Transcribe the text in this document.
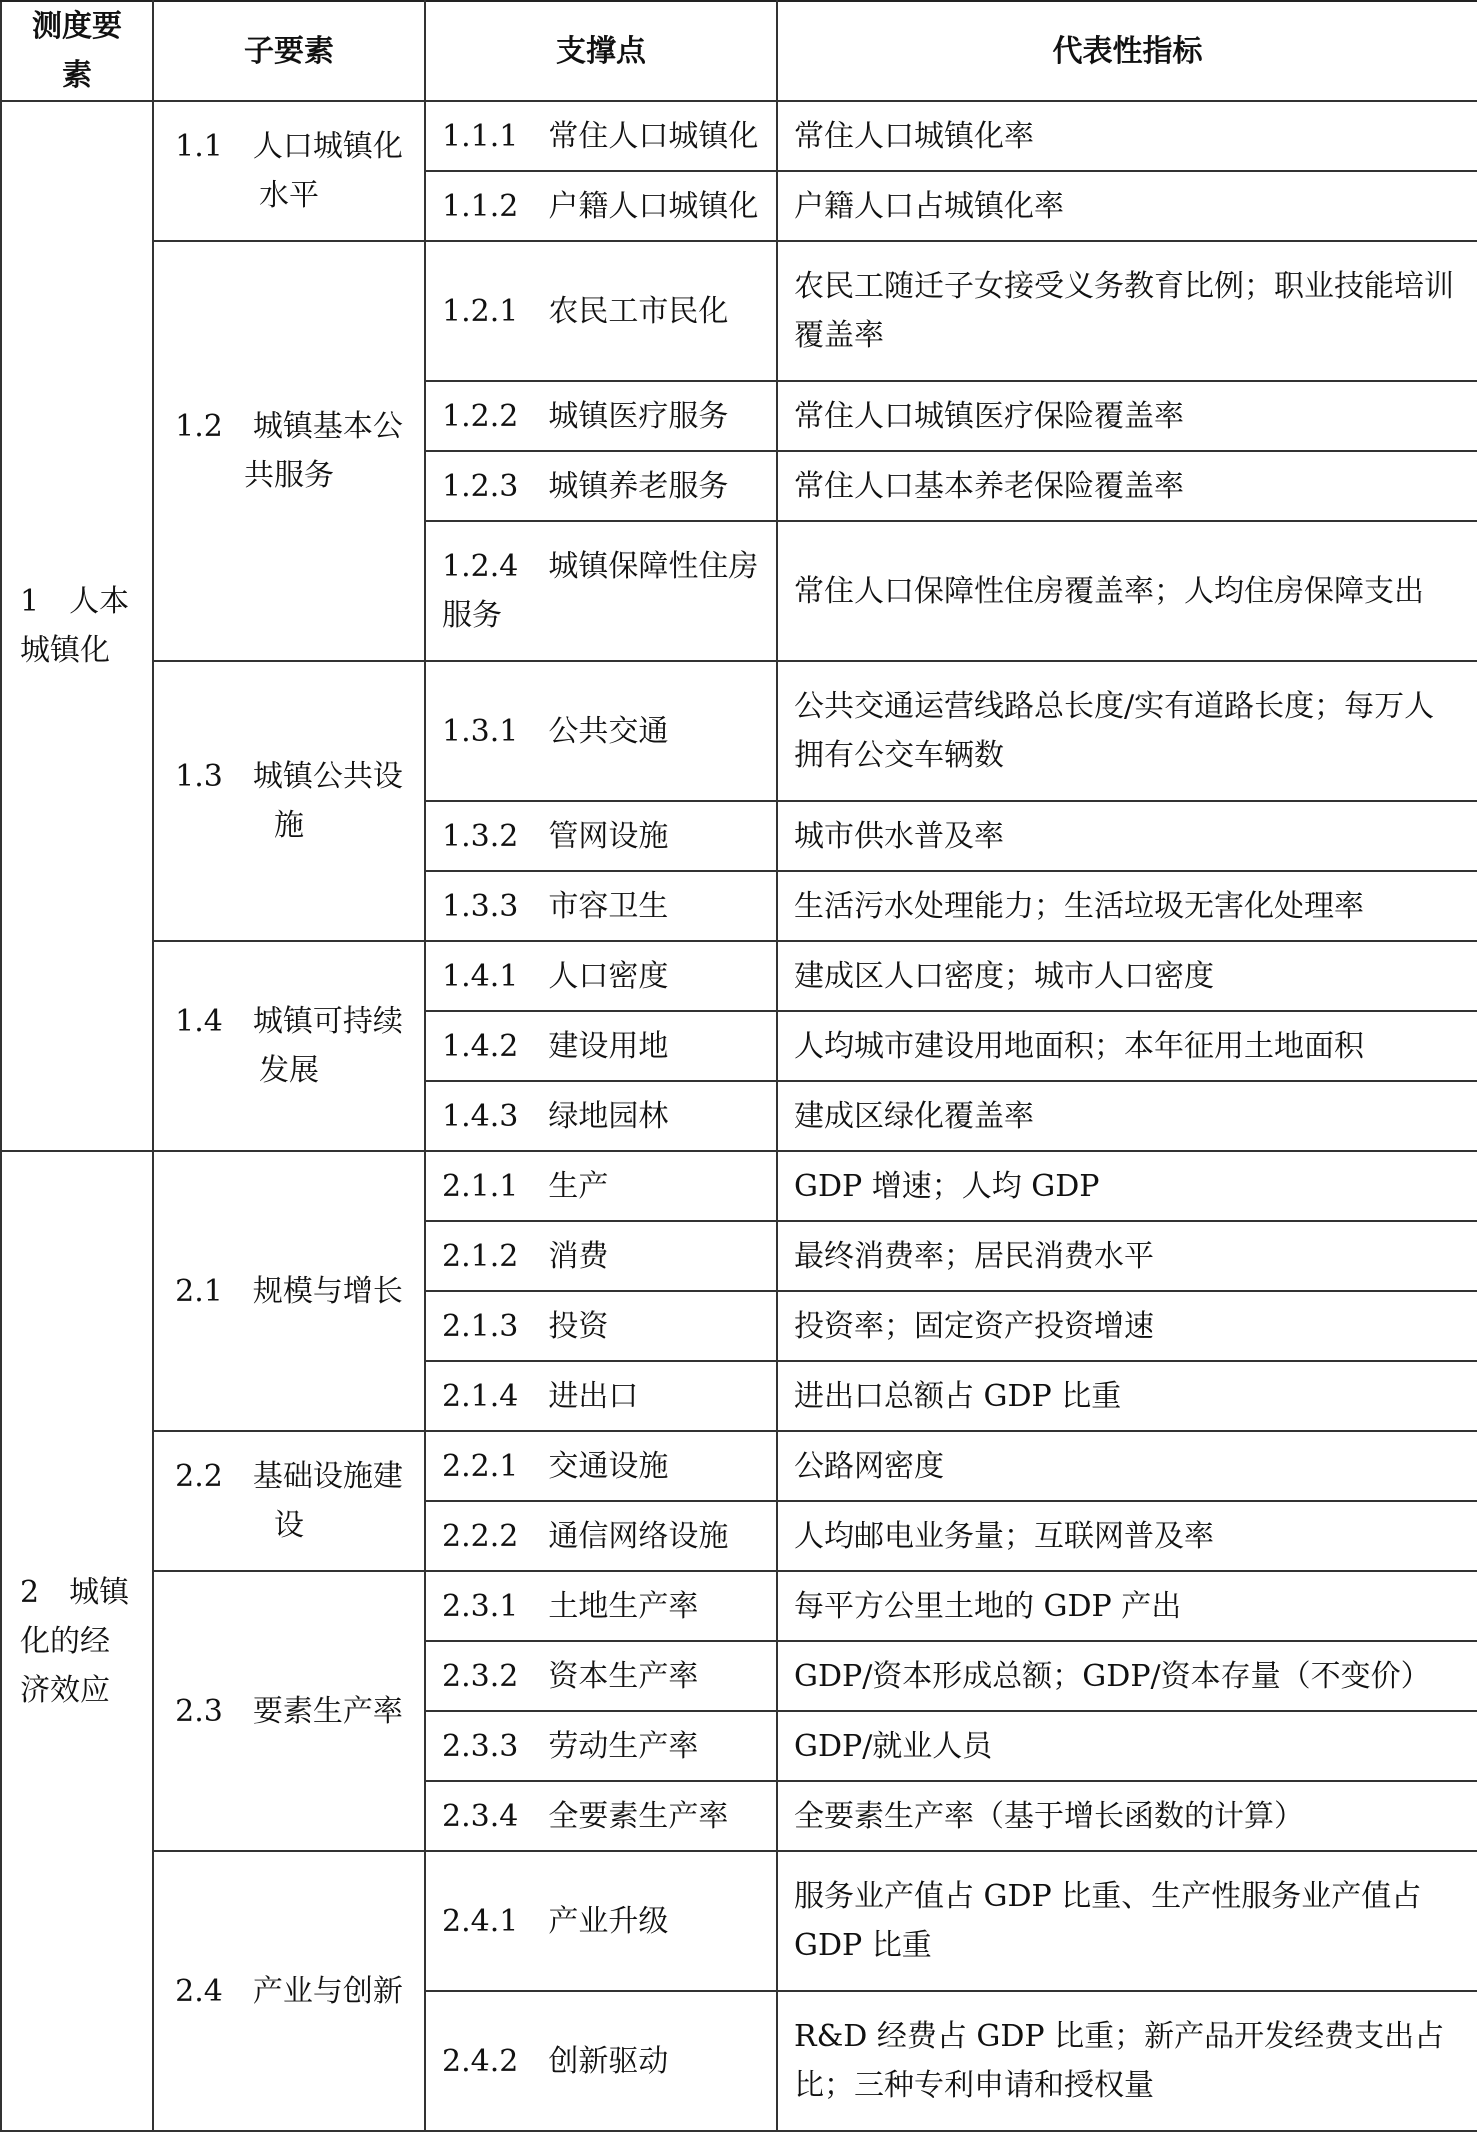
测度要素	子要素	支撑点	代表性指标
1　人本城镇化	1.1　人口城镇化水平	1.1.1　常住人口城镇化	常住人口城镇化率
		1.1.2　户籍人口城镇化	户籍人口占城镇化率
	1.2　城镇基本公共服务	1.2.1　农民工市民化	农民工随迁子女接受义务教育比例；职业技能培训覆盖率
		1.2.2　城镇医疗服务	常住人口城镇医疗保险覆盖率
		1.2.3　城镇养老服务	常住人口基本养老保险覆盖率
		1.2.4　城镇保障性住房服务	常住人口保障性住房覆盖率；人均住房保障支出
	1.3　城镇公共设施	1.3.1　公共交通	公共交通运营线路总长度/实有道路长度；每万人拥有公交车辆数
		1.3.2　管网设施	城市供水普及率
		1.3.3　市容卫生	生活污水处理能力；生活垃圾无害化处理率
	1.4　城镇可持续发展	1.4.1　人口密度	建成区人口密度；城市人口密度
		1.4.2　建设用地	人均城市建设用地面积；本年征用土地面积
		1.4.3　绿地园林	建成区绿化覆盖率
2　城镇化的经济效应	2.1　规模与增长	2.1.1　生产	GDP 增速；人均 GDP
		2.1.2　消费	最终消费率；居民消费水平
		2.1.3　投资	投资率；固定资产投资增速
		2.1.4　进出口	进出口总额占 GDP 比重
	2.2　基础设施建设	2.2.1　交通设施	公路网密度
		2.2.2　通信网络设施	人均邮电业务量；互联网普及率
	2.3　要素生产率	2.3.1　土地生产率	每平方公里土地的 GDP 产出
		2.3.2　资本生产率	GDP/资本形成总额；GDP/资本存量（不变价）
		2.3.3　劳动生产率	GDP/就业人员
		2.3.4　全要素生产率	全要素生产率（基于增长函数的计算）
	2.4　产业与创新	2.4.1　产业升级	服务业产值占 GDP 比重、生产性服务业产值占 GDP 比重
		2.4.2　创新驱动	R&D 经费占 GDP 比重；新产品开发经费支出占比；三种专利申请和授权量
